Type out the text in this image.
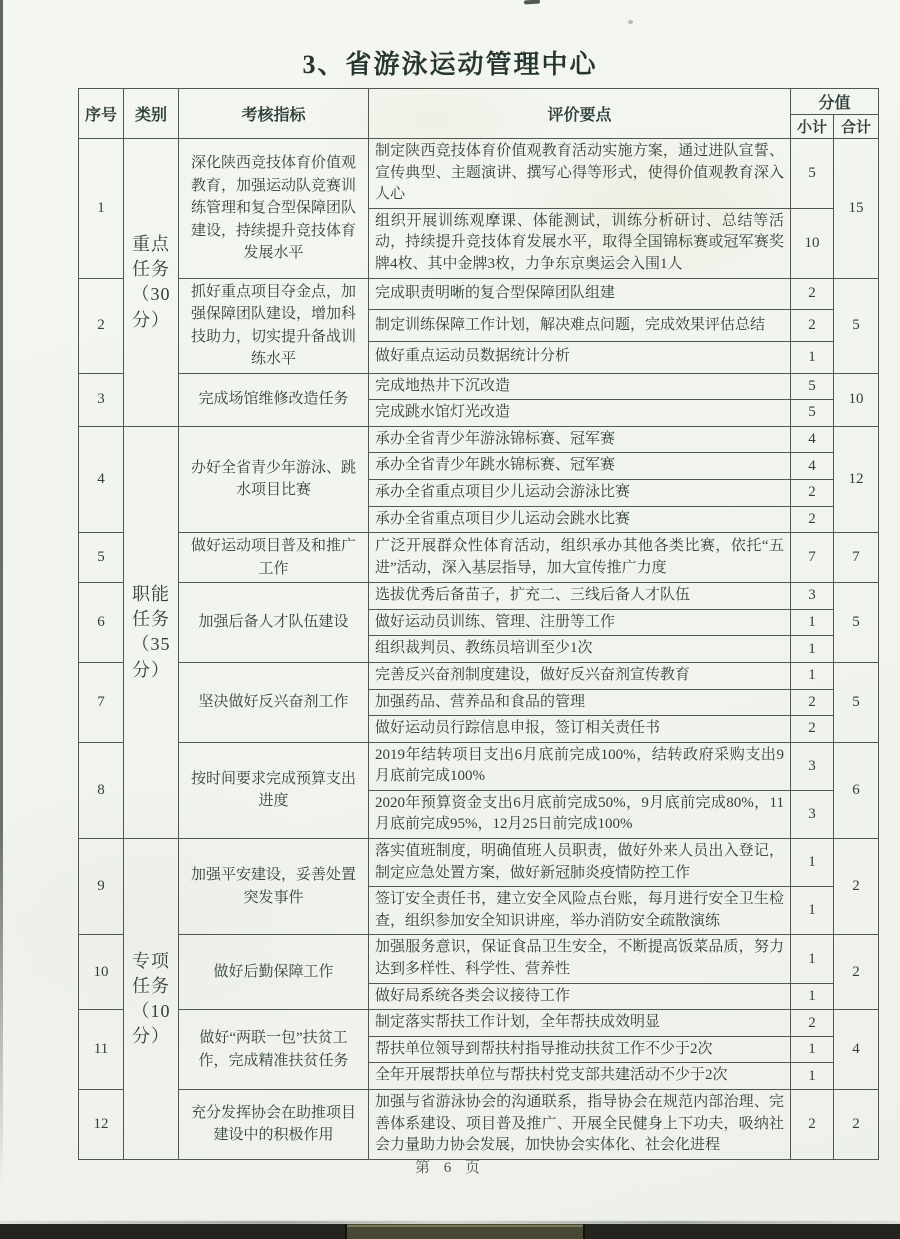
3、省游泳运动管理中心
序号	类别	考核指标	评价要点	分值	
				小计	合计
1	重点任务（30分）	深化陕西竞技体育价值观教育，加强运动队竞赛训练管理和复合型保障团队建设，持续提升竞技体育发展水平	制定陕西竞技体育价值观教育活动实施方案，通过进队宣誓、宣传典型、主题演讲、撰写心得等形式，使得价值观教育深入人心	5	15
			组织开展训练观摩课、体能测试，训练分析研讨、总结等活动，持续提升竞技体育发展水平，取得全国锦标赛或冠军赛奖牌4枚、其中金牌3枚，力争东京奥运会入围1人	10	
2		抓好重点项目夺金点，加强保障团队建设，增加科技助力，切实提升备战训练水平	完成职责明晰的复合型保障团队组建	2	5
			制定训练保障工作计划，解决难点问题，完成效果评估总结	2	
			做好重点运动员数据统计分析	1	
3		完成场馆维修改造任务	完成地热井下沉改造	5	10
			完成跳水馆灯光改造	5	
4	职能任务（35分）	办好全省青少年游泳、跳水项目比赛	承办全省青少年游泳锦标赛、冠军赛	4	12
			承办全省青少年跳水锦标赛、冠军赛	4	
			承办全省重点项目少儿运动会游泳比赛	2	
			承办全省重点项目少儿运动会跳水比赛	2	
5		做好运动项目普及和推广工作	广泛开展群众性体育活动，组织承办其他各类比赛，依托“五进”活动，深入基层指导，加大宣传推广力度	7	7
6		加强后备人才队伍建设	选拔优秀后备苗子，扩充二、三线后备人才队伍	3	5
			做好运动员训练、管理、注册等工作	1	
			组织裁判员、教练员培训至少1次	1	
7		坚决做好反兴奋剂工作	完善反兴奋剂制度建设，做好反兴奋剂宣传教育	1	5
			加强药品、营养品和食品的管理	2	
			做好运动员行踪信息申报，签订相关责任书	2	
8		按时间要求完成预算支出进度	2019年结转项目支出6月底前完成100%，结转政府采购支出9月底前完成100%	3	6
			2020年预算资金支出6月底前完成50%，9月底前完成80%，11月底前完成95%，12月25日前完成100%	3	
9	专项任务（10分）	加强平安建设，妥善处置突发事件	落实值班制度，明确值班人员职责，做好外来人员出入登记，制定应急处置方案，做好新冠肺炎疫情防控工作	1	2
			签订安全责任书，建立安全风险点台账，每月进行安全卫生检查，组织参加安全知识讲座，举办消防安全疏散演练	1	
10		做好后勤保障工作	加强服务意识，保证食品卫生安全，不断提高饭菜品质，努力达到多样性、科学性、营养性	1	2
			做好局系统各类会议接待工作	1	
11		做好“两联一包”扶贫工作，完成精准扶贫任务	制定落实帮扶工作计划，全年帮扶成效明显	2	4
			帮扶单位领导到帮扶村指导推动扶贫工作不少于2次	1	
			全年开展帮扶单位与帮扶村党支部共建活动不少于2次	1	
12		充分发挥协会在助推项目建设中的积极作用	加强与省游泳协会的沟通联系，指导协会在规范内部治理、完善体系建设、项目普及推广、开展全民健身上下功夫，吸纳社会力量助力协会发展，加快协会实体化、社会化进程	2	2
第 6 页
